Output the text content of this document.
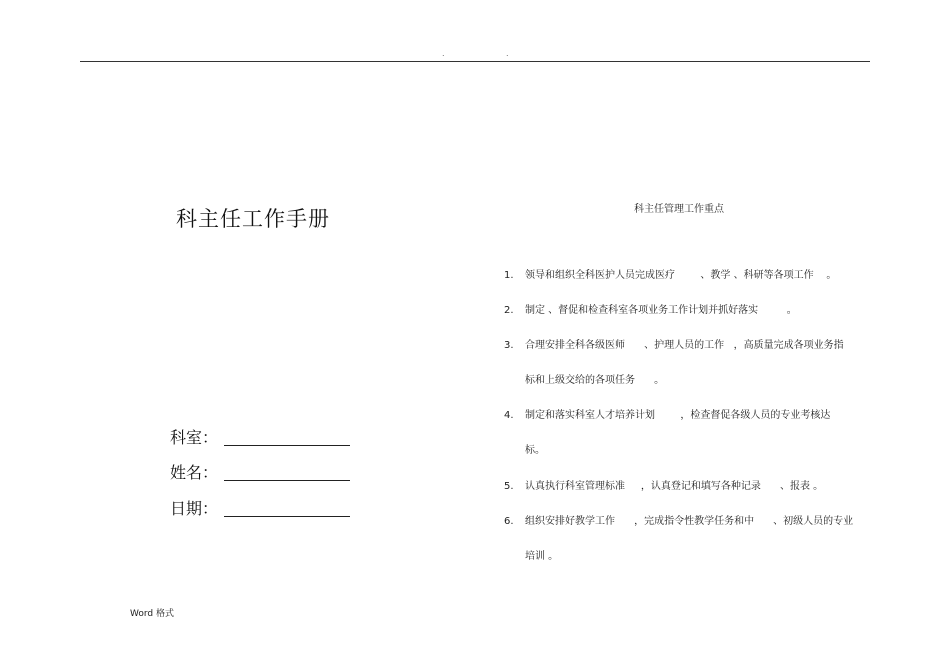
.	.
科主任工作手册
科室：
姓名：
日期：
科主任管理工作重点
1.	领导和组织全科医护人员完成医疗        、教学 、科研等各项工作    。
2.	制定 、督促和检查科室各项业务工作计划并抓好落实         。
3.	合理安排全科各级医师      、护理人员的工作   ，高质量完成各项业务指
标和上级交给的各项任务      。
4.	制定和落实科室人才培养计划        ，检查督促各级人员的专业考核达
标。
5.	认真执行科室管理标准     ，认真登记和填写各种记录      、报表 。
6.	组织安排好教学工作      ，完成指令性教学任务和中      、初级人员的专业
培训 。
Word 格式
